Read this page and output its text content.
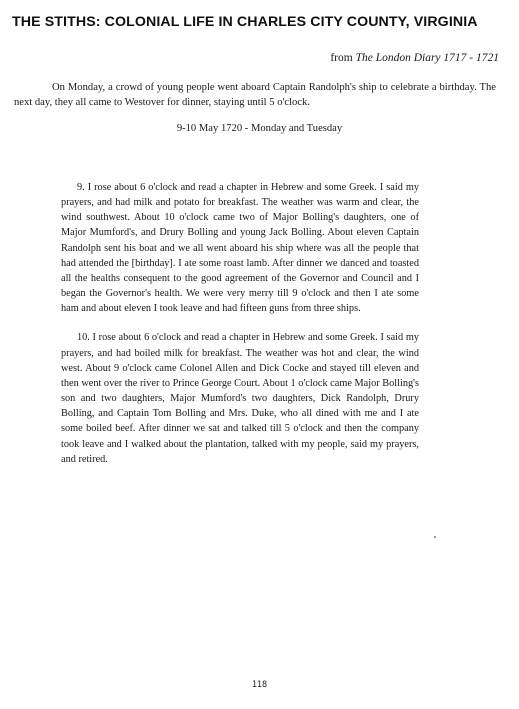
THE STITHS: COLONIAL LIFE IN CHARLES CITY COUNTY, VIRGINIA
from The London Diary 1717 - 1721

On Monday, a crowd of young people went aboard Captain Randolph's ship to celebrate a birthday. The next day, they all came to Westover for dinner, staying until 5 o'clock.

9-10 May 1720 - Monday and Tuesday

9. I rose about 6 o'clock and read a chapter in Hebrew and some Greek. I said my prayers, and had milk and potato for breakfast. The weather was warm and clear, the wind southwest. About 10 o'clock came two of Major Bolling's daughters, one of Major Mumford's, and Drury Bolling and young Jack Bolling. About eleven Captain Randolph sent his boat and we all went aboard his ship where was all the people that had attended the [birthday]. I ate some roast lamb. After dinner we danced and toasted all the healths consequent to the good agreement of the Governor and Council and I began the Governor's health. We were very merry till 9 o'clock and then I ate some ham and about eleven I took leave and had fifteen guns from three ships.

10. I rose about 6 o'clock and read a chapter in Hebrew and some Greek. I said my prayers, and had boiled milk for breakfast. The weather was hot and clear, the wind west. About 9 o'clock came Colonel Allen and Dick Cocke and stayed till eleven and then went over the river to Prince George Court. About 1 o'clock came Major Bolling's son and two daughters, Major Mumford's two daughters, Dick Randolph, Drury Bolling, and Captain Tom Bolling and Mrs. Duke, who all dined with me and I ate some boiled beef. After dinner we sat and talked till 5 o'clock and then the company took leave and I walked about the plantation, talked with my people, said my prayers, and retired.

118
